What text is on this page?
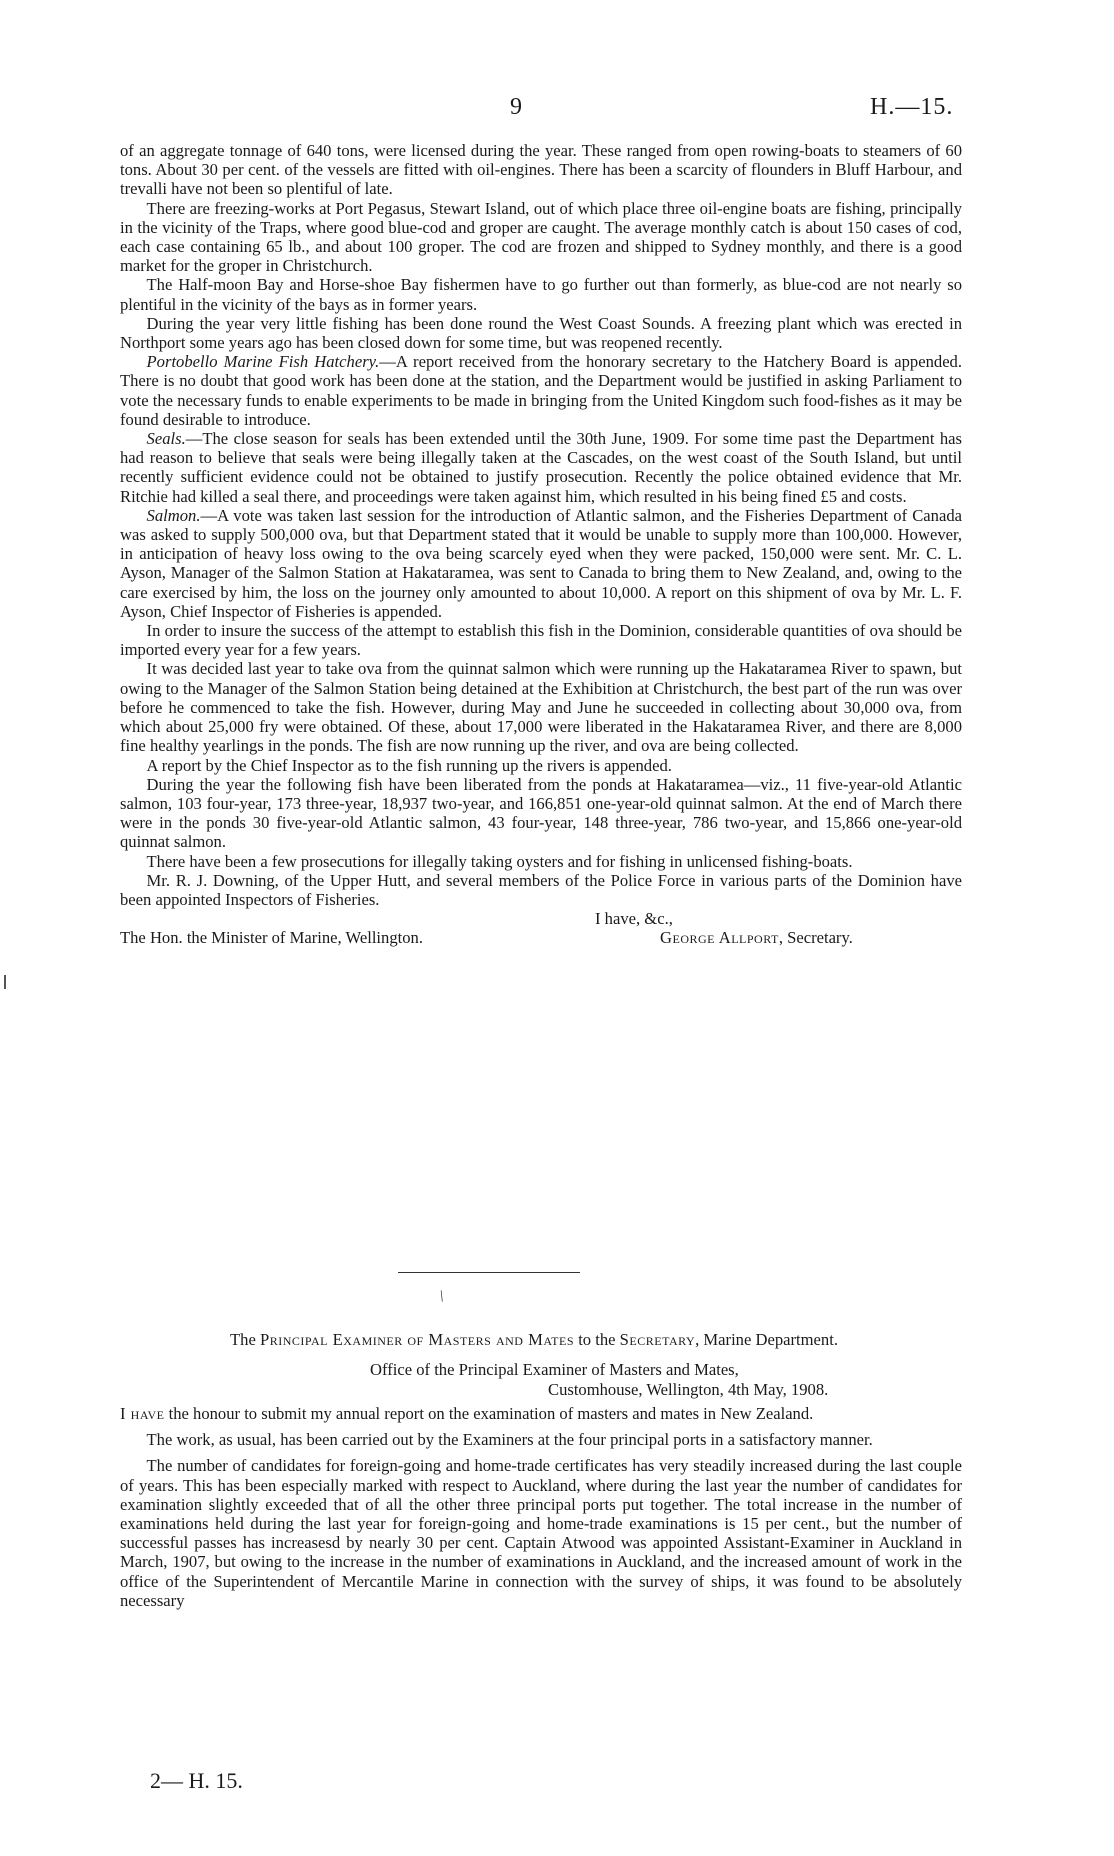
9	H.—15.

of an aggregate tonnage of 640 tons, were licensed during the year. These ranged from open rowing-boats to steamers of 60 tons. About 30 per cent. of the vessels are fitted with oil-engines. There has been a scarcity of flounders in Bluff Harbour, and trevalli have not been so plentiful of late.

There are freezing-works at Port Pegasus, Stewart Island, out of which place three oil-engine boats are fishing, principally in the vicinity of the Traps, where good blue-cod and groper are caught. The average monthly catch is about 150 cases of cod, each case containing 65 lb., and about 100 groper. The cod are frozen and shipped to Sydney monthly, and there is a good market for the groper in Christchurch.

The Half-moon Bay and Horse-shoe Bay fishermen have to go further out than formerly, as blue-cod are not nearly so plentiful in the vicinity of the bays as in former years.

During the year very little fishing has been done round the West Coast Sounds. A freezing plant which was erected in Northport some years ago has been closed down for some time, but was reopened recently.

Portobello Marine Fish Hatchery.—A report received from the honorary secretary to the Hatchery Board is appended. There is no doubt that good work has been done at the station, and the Department would be justified in asking Parliament to vote the necessary funds to enable experiments to be made in bringing from the United Kingdom such food-fishes as it may be found desirable to introduce.

Seals.—The close season for seals has been extended until the 30th June, 1909. For some time past the Department has had reason to believe that seals were being illegally taken at the Cascades, on the west coast of the South Island, but until recently sufficient evidence could not be obtained to justify prosecution. Recently the police obtained evidence that Mr. Ritchie had killed a seal there, and proceedings were taken against him, which resulted in his being fined £5 and costs.

Salmon.—A vote was taken last session for the introduction of Atlantic salmon, and the Fisheries Department of Canada was asked to supply 500,000 ova, but that Department stated that it would be unable to supply more than 100,000. However, in anticipation of heavy loss owing to the ova being scarcely eyed when they were packed, 150,000 were sent. Mr. C. L. Ayson, Manager of the Salmon Station at Hakataramea, was sent to Canada to bring them to New Zealand, and, owing to the care exercised by him, the loss on the journey only amounted to about 10,000. A report on this shipment of ova by Mr. L. F. Ayson, Chief Inspector of Fisheries is appended.

In order to insure the success of the attempt to establish this fish in the Dominion, considerable quantities of ova should be imported every year for a few years.

It was decided last year to take ova from the quinnat salmon which were running up the Hakataramea River to spawn, but owing to the Manager of the Salmon Station being detained at the Exhibition at Christchurch, the best part of the run was over before he commenced to take the fish. However, during May and June he succeeded in collecting about 30,000 ova, from which about 25,000 fry were obtained. Of these, about 17,000 were liberated in the Hakataramea River, and there are 8,000 fine healthy yearlings in the ponds. The fish are now running up the river, and ova are being collected.

A report by the Chief Inspector as to the fish running up the rivers is appended.

During the year the following fish have been liberated from the ponds at Hakataramea—viz., 11 five-year-old Atlantic salmon, 103 four-year, 173 three-year, 18,937 two-year, and 166,851 one-year-old quinnat salmon. At the end of March there were in the ponds 30 five-year-old Atlantic salmon, 43 four-year, 148 three-year, 786 two-year, and 15,866 one-year-old quinnat salmon.

There have been a few prosecutions for illegally taking oysters and for fishing in unlicensed fishing-boats.

Mr. R. J. Downing, of the Upper Hutt, and several members of the Police Force in various parts of the Dominion have been appointed Inspectors of Fisheries.

I have, &c.,
The Hon. the Minister of Marine, Wellington.	George Allport, Secretary.
/
The Principal Examiner of Masters and Mates to the Secretary, Marine Department.
Office of the Principal Examiner of Masters and Mates,
Customhouse, Wellington, 4th May, 1908.

I have the honour to submit my annual report on the examination of masters and mates in New Zealand.

The work, as usual, has been carried out by the Examiners at the four principal ports in a satisfactory manner.

The number of candidates for foreign-going and home-trade certificates has very steadily increased during the last couple of years. This has been especially marked with respect to Auckland, where during the last year the number of candidates for examination slightly exceeded that of all the other three principal ports put together. The total increase in the number of examinations held during the last year for foreign-going and home-trade examinations is 15 per cent., but the number of successful passes has increasesd by nearly 30 per cent. Captain Atwood was appointed Assistant-Examiner in Auckland in March, 1907, but owing to the increase in the number of examinations in Auckland, and the increased amount of work in the office of the Superintendent of Mercantile Marine in connection with the survey of ships, it was found to be absolutely necessary

2— H. 15.
